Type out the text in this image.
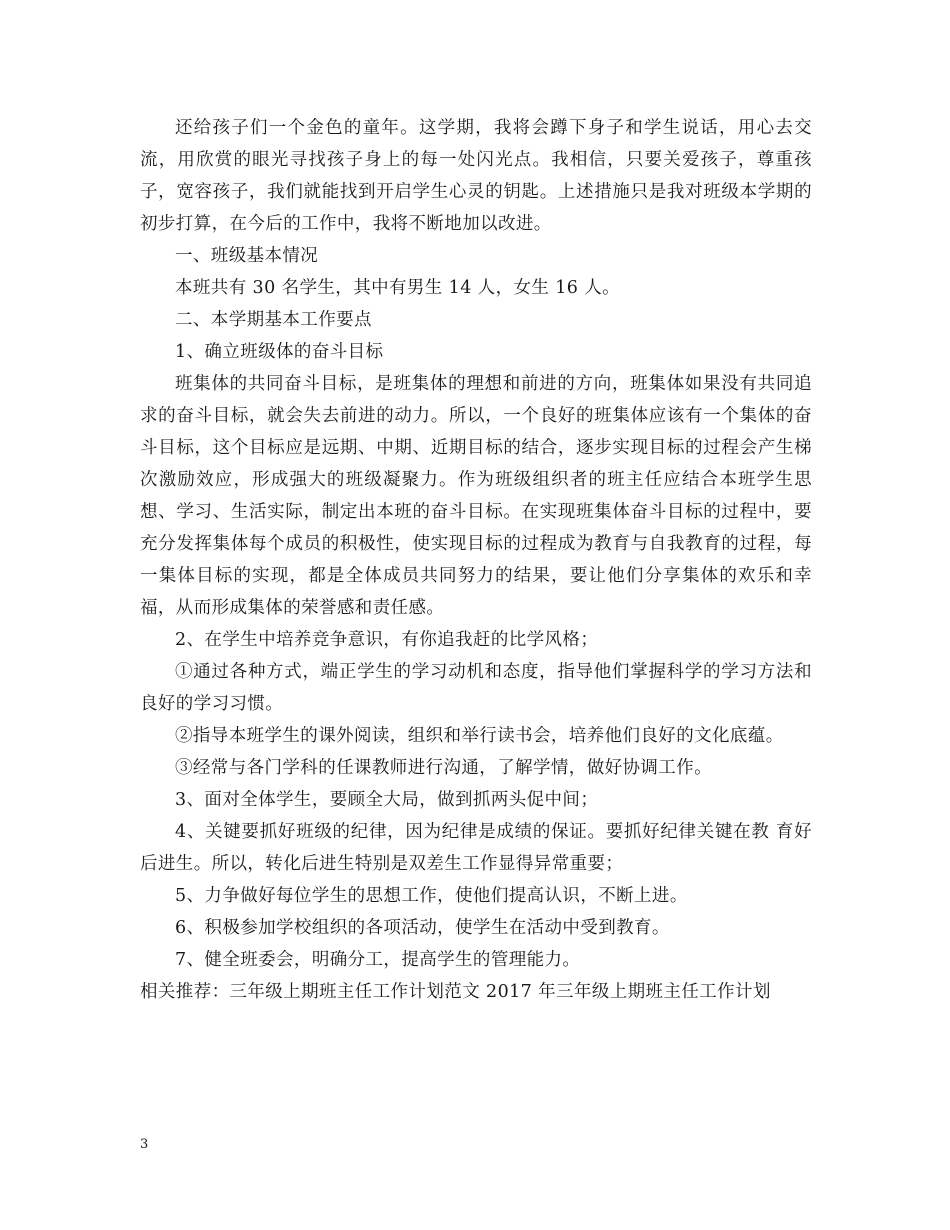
还给孩子们一个金色的童年。这学期，我将会蹲下身子和学生说话，用心去交流，用欣赏的眼光寻找孩子身上的每一处闪光点。我相信，只要关爱孩子，尊重孩子，宽容孩子，我们就能找到开启学生心灵的钥匙。上述措施只是我对班级本学期的初步打算，在今后的工作中，我将不断地加以改进。

一、班级基本情况

本班共有 30 名学生，其中有男生 14 人，女生 16 人。

二、本学期基本工作要点

1、确立班级体的奋斗目标

班集体的共同奋斗目标，是班集体的理想和前进的方向，班集体如果没有共同追求的奋斗目标，就会失去前进的动力。所以，一个良好的班集体应该有一个集体的奋斗目标，这个目标应是远期、中期、近期目标的结合，逐步实现目标的过程会产生梯次激励效应，形成强大的班级凝聚力。作为班级组织者的班主任应结合本班学生思想、学习、生活实际，制定出本班的奋斗目标。在实现班集体奋斗目标的过程中，要充分发挥集体每个成员的积极性，使实现目标的过程成为教育与自我教育的过程，每一集体目标的实现，都是全体成员共同努力的结果，要让他们分享集体的欢乐和幸福，从而形成集体的荣誉感和责任感。

2、在学生中培养竞争意识，有你追我赶的比学风格；

①通过各种方式，端正学生的学习动机和态度，指导他们掌握科学的学习方法和良好的学习习惯。

②指导本班学生的课外阅读，组织和举行读书会，培养他们良好的文化底蕴。

③经常与各门学科的任课教师进行沟通，了解学情，做好协调工作。

3、面对全体学生，要顾全大局，做到抓两头促中间；

4、关键要抓好班级的纪律，因为纪律是成绩的保证。要抓好纪律关键在教 育好后进生。所以，转化后进生特别是双差生工作显得异常重要；

5、力争做好每位学生的思想工作，使他们提高认识，不断上进。

6、积极参加学校组织的各项活动，使学生在活动中受到教育。

7、健全班委会，明确分工，提高学生的管理能力。

相关推荐：三年级上期班主任工作计划范文 2017 年三年级上期班主任工作计划

3
